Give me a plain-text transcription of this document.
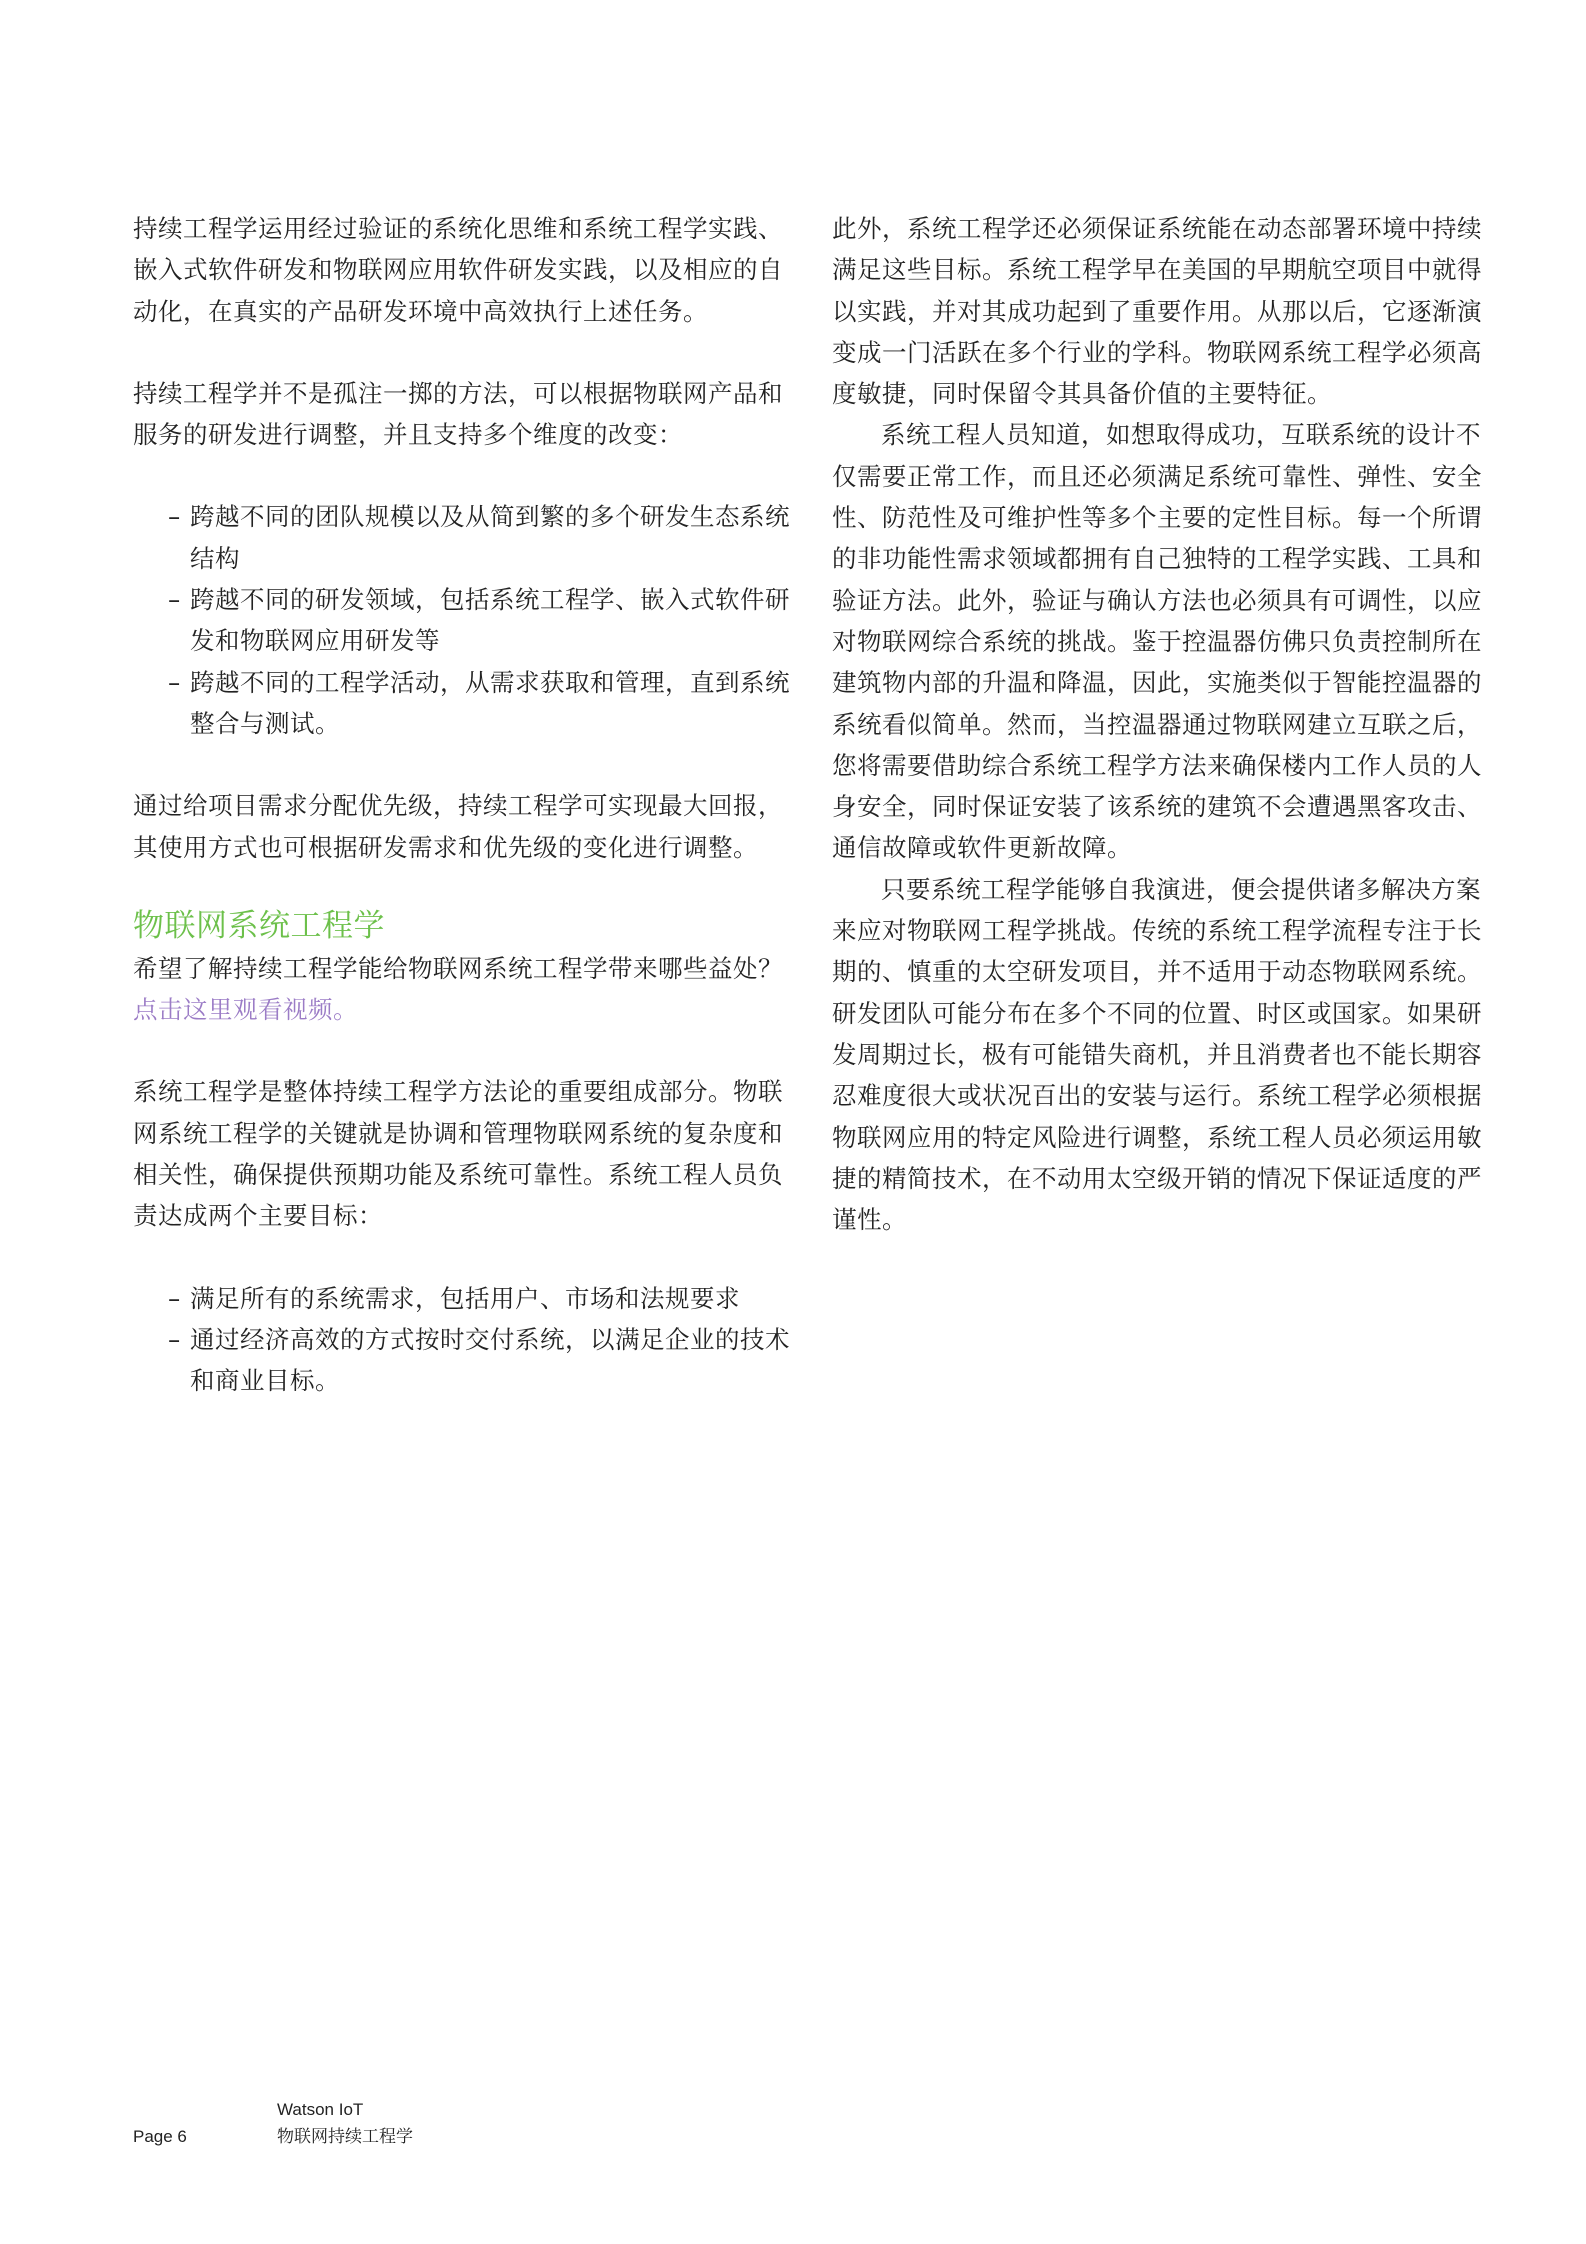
持续工程学运用经过验证的系统化思维和系统工程学实践、嵌入式软件研发和物联网应用软件研发实践，以及相应的自动化，在真实的产品研发环境中高效执行上述任务。

持续工程学并不是孤注一掷的方法，可以根据物联网产品和服务的研发进行调整，并且支持多个维度的改变：

– 跨越不同的团队规模以及从简到繁的多个研发生态系统结构
– 跨越不同的研发领域，包括系统工程学、嵌入式软件研发和物联网应用研发等
– 跨越不同的工程学活动，从需求获取和管理，直到系统整合与测试。

通过给项目需求分配优先级，持续工程学可实现最大回报，其使用方式也可根据研发需求和优先级的变化进行调整。

物联网系统工程学

希望了解持续工程学能给物联网系统工程学带来哪些益处？

点击这里观看视频。

系统工程学是整体持续工程学方法论的重要组成部分。物联网系统工程学的关键就是协调和管理物联网系统的复杂度和相关性，确保提供预期功能及系统可靠性。系统工程人员负责达成两个主要目标：

– 满足所有的系统需求，包括用户、市场和法规要求
– 通过经济高效的方式按时交付系统，以满足企业的技术和商业目标。

此外，系统工程学还必须保证系统能在动态部署环境中持续满足这些目标。系统工程学早在美国的早期航空项目中就得以实践，并对其成功起到了重要作用。从那以后，它逐渐演变成一门活跃在多个行业的学科。物联网系统工程学必须高度敏捷，同时保留令其具备价值的主要特征。

系统工程人员知道，如想取得成功，互联系统的设计不仅需要正常工作，而且还必须满足系统可靠性、弹性、安全性、防范性及可维护性等多个主要的定性目标。每一个所谓的非功能性需求领域都拥有自己独特的工程学实践、工具和验证方法。此外，验证与确认方法也必须具有可调性，以应对物联网综合系统的挑战。鉴于控温器仿佛只负责控制所在建筑物内部的升温和降温，因此，实施类似于智能控温器的系统看似简单。然而，当控温器通过物联网建立互联之后，您将需要借助综合系统工程学方法来确保楼内工作人员的人身安全，同时保证安装了该系统的建筑不会遭遇黑客攻击、通信故障或软件更新故障。

只要系统工程学能够自我演进，便会提供诸多解决方案来应对物联网工程学挑战。传统的系统工程学流程专注于长期的、慎重的太空研发项目，并不适用于动态物联网系统。研发团队可能分布在多个不同的位置、时区或国家。如果研发周期过长，极有可能错失商机，并且消费者也不能长期容忍难度很大或状况百出的安装与运行。系统工程学必须根据物联网应用的特定风险进行调整，系统工程人员必须运用敏捷的精简技术，在不动用太空级开销的情况下保证适度的严谨性。

Page 6
Watson IoT
物联网持续工程学
